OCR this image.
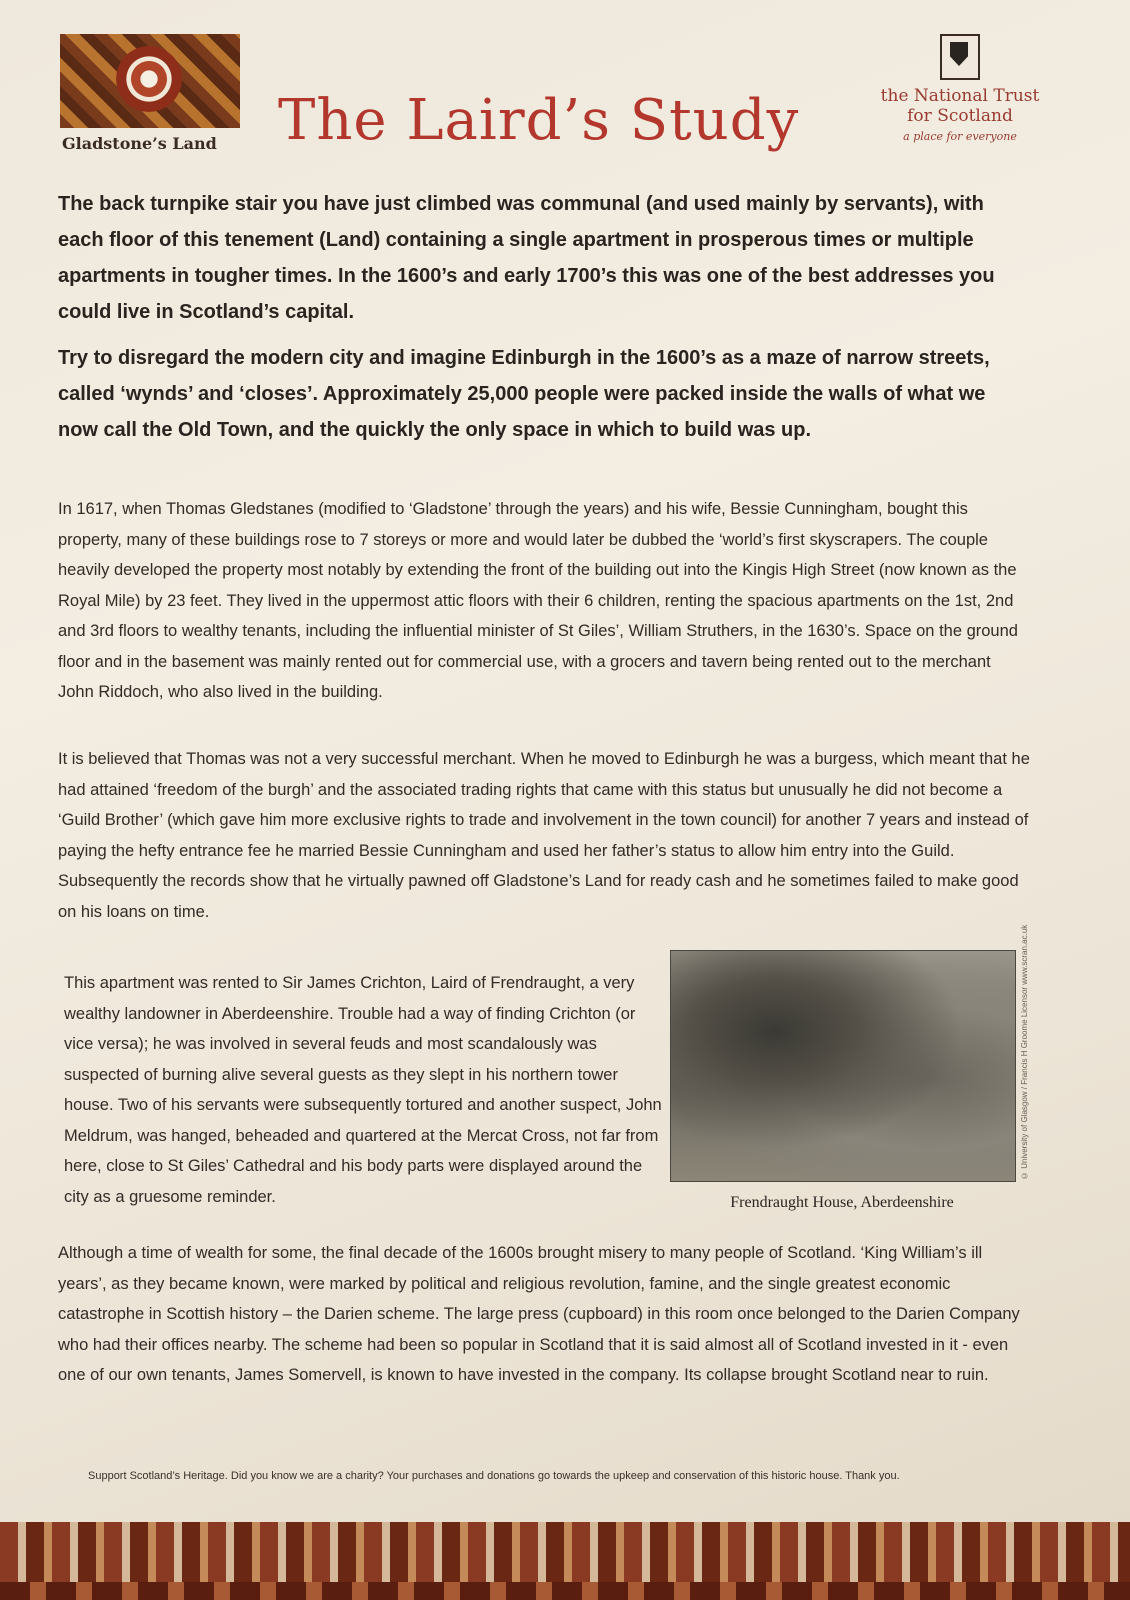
Gladstone’s Land The Laird’s Study	the National Trust
for Scotland
a place for everyone

The back turnpike stair you have just climbed was communal (and used mainly by servants), with each floor of this tenement (Land) containing a single apartment in prosperous times or multiple apartments in tougher times. In the 1600’s and early 1700’s this was one of the best addresses you could live in Scotland’s capital.

Try to disregard the modern city and imagine Edinburgh in the 1600’s as a maze of narrow streets, called ‘wynds’ and ‘closes’. Approximately 25,000 people were packed inside the walls of what we now call the Old Town, and the quickly the only space in which to build was up.

In 1617, when Thomas Gledstanes (modified to ‘Gladstone’ through the years) and his wife, Bessie Cunningham, bought this property, many of these buildings rose to 7 storeys or more and would later be dubbed the ‘world’s first skyscrapers. The couple heavily developed the property most notably by extending the front of the building out into the Kingis High Street (now known as the Royal Mile) by 23 feet. They lived in the uppermost attic floors with their 6 children, renting the spacious apartments on the 1st, 2nd and 3rd floors to wealthy tenants, including the influential minister of St Giles’, William Struthers, in the 1630’s. Space on the ground floor and in the basement was mainly rented out for commercial use, with a grocers and tavern being rented out to the merchant John Riddoch, who also lived in the building.

It is believed that Thomas was not a very successful merchant. When he moved to Edinburgh he was a burgess, which meant that he had attained ‘freedom of the burgh’ and the associated trading rights that came with this status but unusually he did not become a ‘Guild Brother’ (which gave him more exclusive rights to trade and involvement in the town council) for another 7 years and instead of paying the hefty entrance fee he married Bessie Cunningham and used her father’s status to allow him entry into the Guild. Subsequently the records show that he virtually pawned off Gladstone’s Land for ready cash and he sometimes failed to make good on his loans on time.

This apartment was rented to Sir James Crichton, Laird of Frendraught, a very wealthy landowner in Aberdeenshire. Trouble had a way of finding Crichton (or vice versa); he was involved in several feuds and most scandalously was suspected of burning alive several guests as they slept in his northern tower house. Two of his servants were subsequently tortured and another suspect, John Meldrum, was hanged, beheaded and quartered at the Mercat Cross, not far from here, close to St Giles’ Cathedral and his body parts were displayed around the city as a gruesome reminder.

© University of Glasgow / Francis H Groome Licensor www.scran.ac.uk
Frendraught House, Aberdeenshire

Although a time of wealth for some, the final decade of the 1600s brought misery to many people of Scotland. ‘King William’s ill years’, as they became known, were marked by political and religious revolution, famine, and the single greatest economic catastrophe in Scottish history – the Darien scheme. The large press (cupboard) in this room once belonged to the Darien Company who had their offices nearby. The scheme had been so popular in Scotland that it is said almost all of Scotland invested in it - even one of our own tenants, James Somervell, is known to have invested in the company. Its collapse brought Scotland near to ruin.

Support Scotland’s Heritage. Did you know we are a charity? Your purchases and donations go towards the upkeep and conservation of this historic house. Thank you.
